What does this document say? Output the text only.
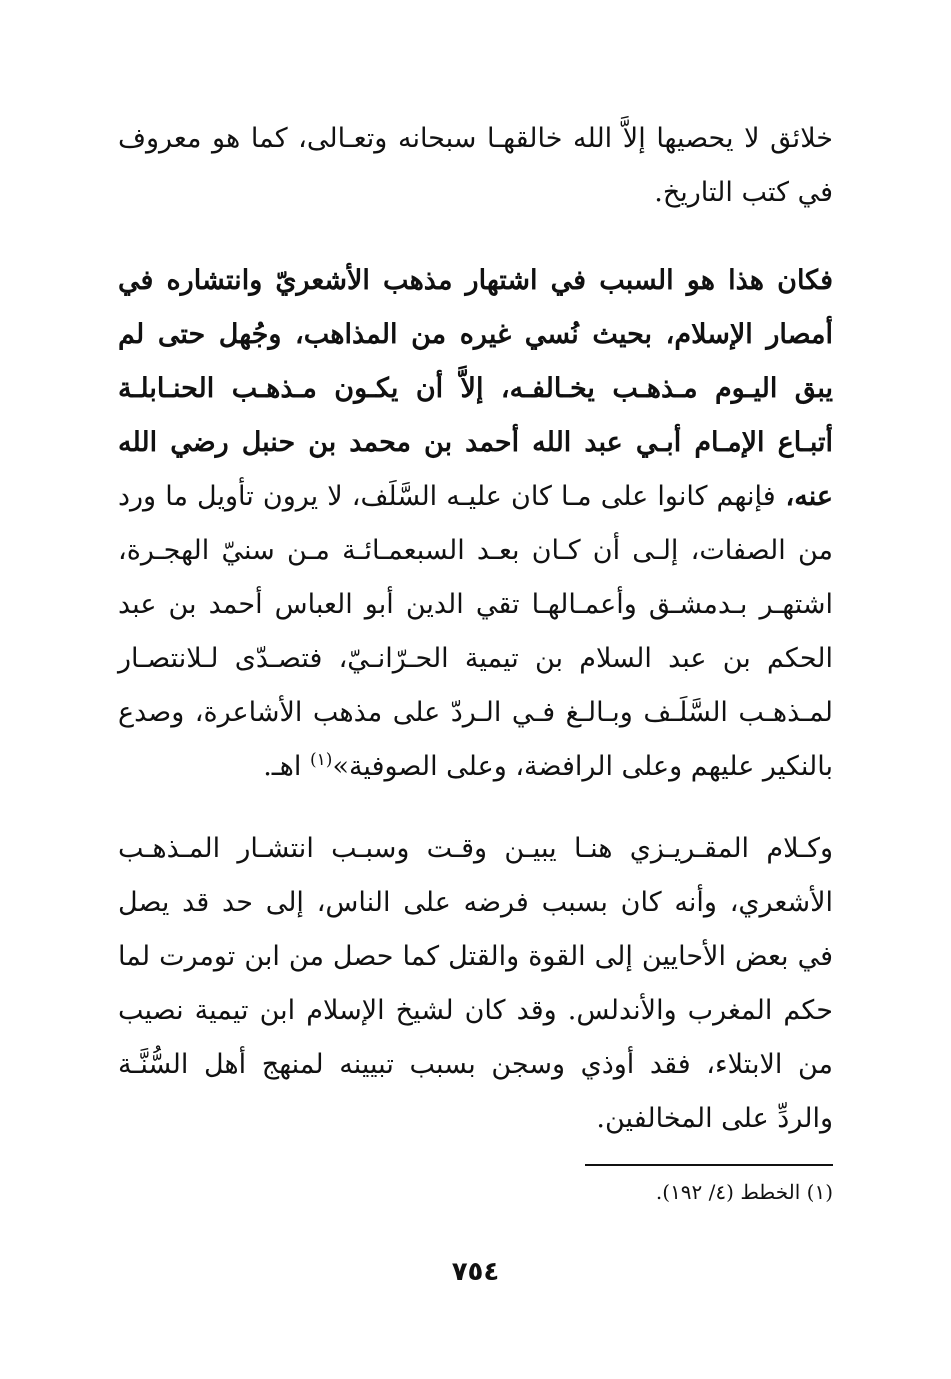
خلائق لا يحصيها إلاَّ الله خالقهـا سبحانه وتعـالى، كما هو معروف في كتب التاريخ.

فكان هذا هو السبب في اشتهار مذهب الأشعريّ وانتشاره في أمصار الإسلام، بحيث نُسي غيره من المذاهب، وجُهل حتى لم يبق اليـوم مـذهـب يخـالفـه، إلاَّ أن يكـون مـذهـب الحنـابلـة أتبـاع الإمـام أبـي عبد الله أحمد بن محمد بن حنبل رضي الله عنه، فإنهم كانوا على مـا كان عليـه السَّلَف، لا يرون تأويل ما ورد من الصفات، إلـى أن كـان بعـد السبعمـائـة مـن سنيّ الهجـرة، اشتهـر بـدمشـق وأعمـالهـا تقي الدين أبو العباس أحمد بن عبد الحكم بن عبد السلام بن تيمية الحـرّانـيّ، فتصـدّى لـلانتصـار لمـذهـب السَّلَـف وبـالـغ فـي الـردّ على مذهب الأشاعرة، وصدع بالنكير عليهم وعلى الرافضة، وعلى الصوفية»$^{(١)}$ اهـ.

وكـلام المقـريـزي هنـا يبيـن وقـت وسبـب انتشـار المـذهـب الأشعري، وأنه كان بسبب فرضه على الناس، إلى حد قد يصل في بعض الأحايين إلى القوة والقتل كما حصل من ابن تومرت لما حكم المغرب والأندلس. وقد كان لشيخ الإسلام ابن تيمية نصيب من الابتلاء، فقد أوذي وسجن بسبب تبيينه لمنهج أهل السُّنَّـة والردِّ على المخالفين.

(١) الخطط (٤/ ١٩٢).

٧٥٤
